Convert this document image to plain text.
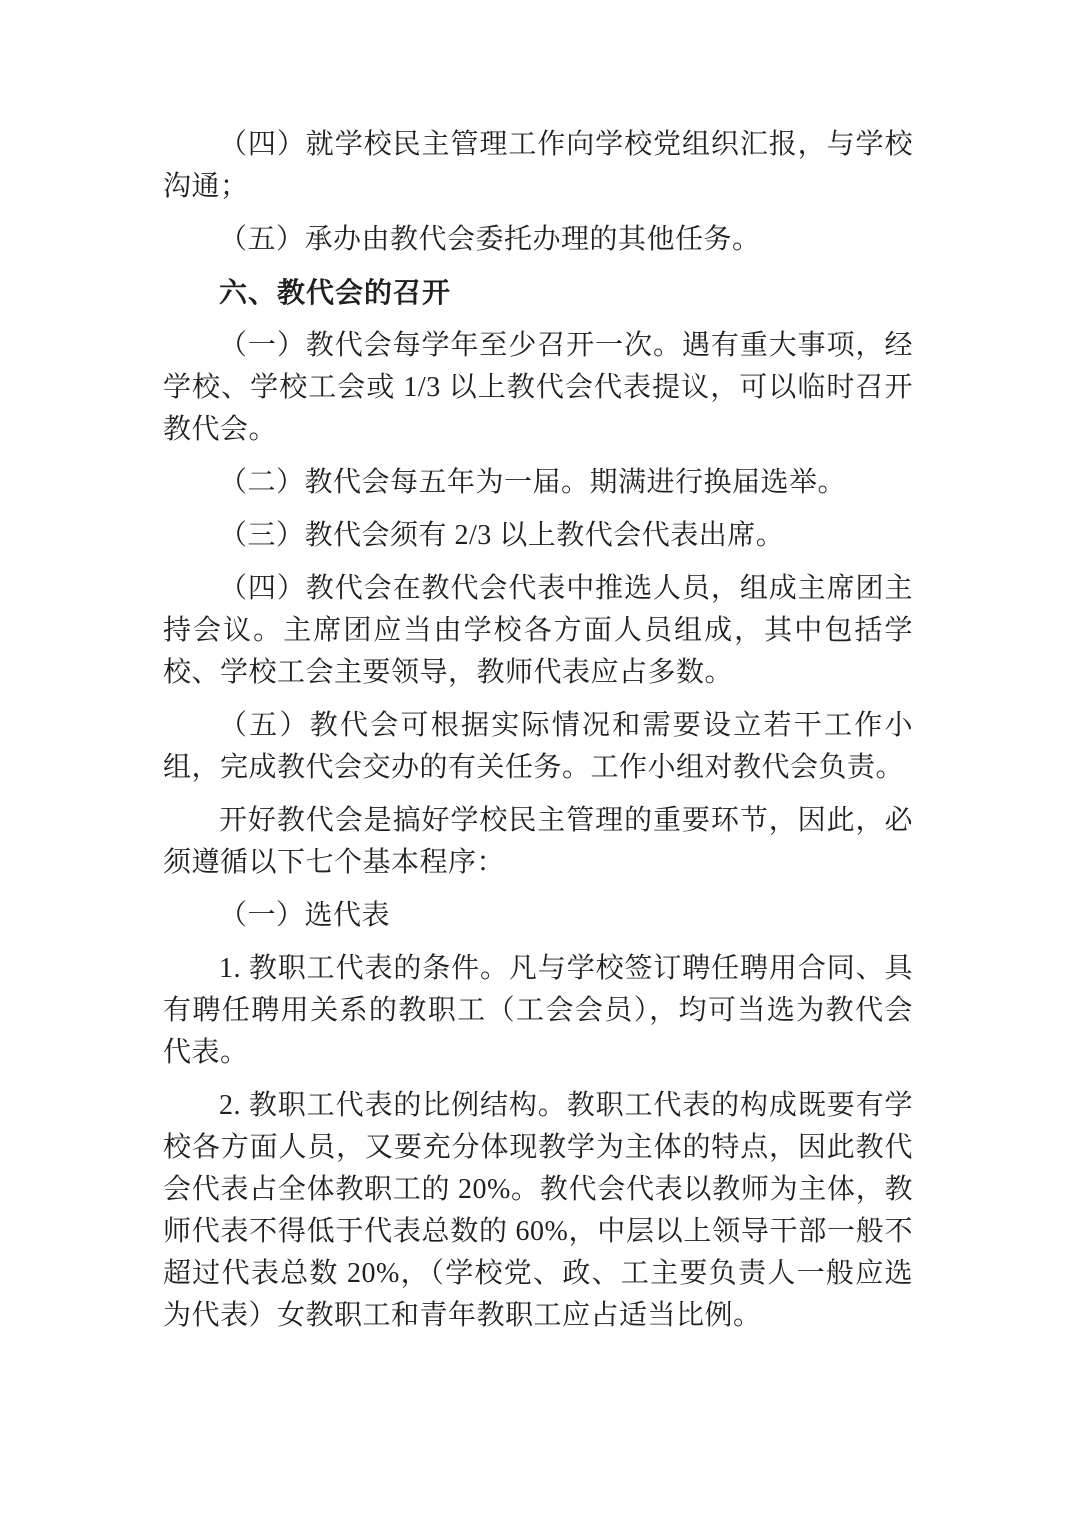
（四）就学校民主管理工作向学校党组织汇报，与学校沟通；

（五）承办由教代会委托办理的其他任务。

六、教代会的召开

（一）教代会每学年至少召开一次。遇有重大事项，经学校、学校工会或 1/3 以上教代会代表提议，可以临时召开教代会。

（二）教代会每五年为一届。期满进行换届选举。

（三）教代会须有 2/3 以上教代会代表出席。

（四）教代会在教代会代表中推选人员，组成主席团主持会议。主席团应当由学校各方面人员组成，其中包括学校、学校工会主要领导，教师代表应占多数。

（五）教代会可根据实际情况和需要设立若干工作小组，完成教代会交办的有关任务。工作小组对教代会负责。

开好教代会是搞好学校民主管理的重要环节，因此，必须遵循以下七个基本程序：

（一）选代表

1. 教职工代表的条件。凡与学校签订聘任聘用合同、具有聘任聘用关系的教职工（工会会员），均可当选为教代会代表。

2. 教职工代表的比例结构。教职工代表的构成既要有学校各方面人员，又要充分体现教学为主体的特点，因此教代会代表占全体教职工的 20%。教代会代表以教师为主体，教师代表不得低于代表总数的 60%，中层以上领导干部一般不超过代表总数 20%，（学校党、政、工主要负责人一般应选为代表）女教职工和青年教职工应占适当比例。
